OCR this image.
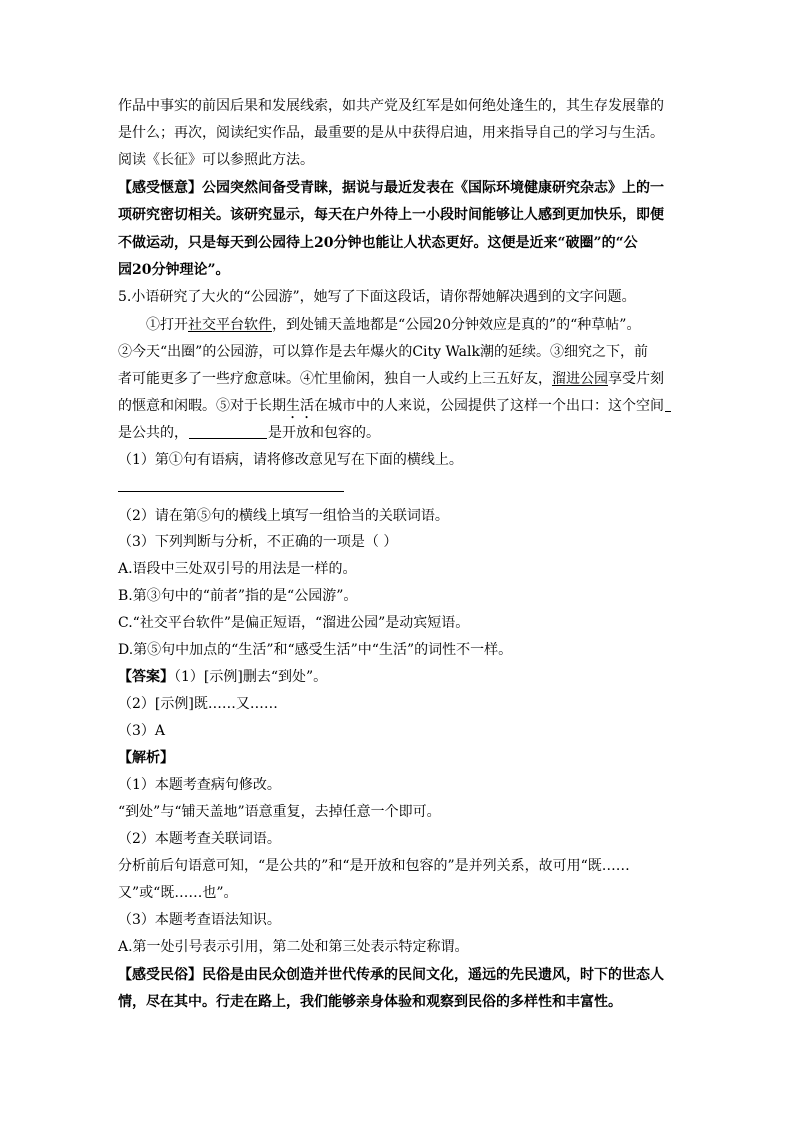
作品中事实的前因后果和发展线索，如共产党及红军是如何绝处逢生的，其生存发展靠的
是什么；再次，阅读纪实作品，最重要的是从中获得启迪，用来指导自己的学习与生活。
阅读《长征》可以参照此方法。
【感受惬意】公园突然间备受青睐，据说与最近发表在《国际环境健康研究杂志》上的一
项研究密切相关。该研究显示，每天在户外待上一小段时间能够让人感到更加快乐，即便
不做运动，只是每天到公园待上20分钟也能让人状态更好。这便是近来“破圈”的“公
园20分钟理论”。
5.小语研究了大火的“公园游”，她写了下面这段话，请你帮她解决遇到的文字问题。
①打开社交平台软件，到处铺天盖地都是“公园20分钟效应是真的”的“种草帖”。
②今天“出圈”的公园游，可以算作是去年爆火的City Walk潮的延续。③细究之下，前
者可能更多了一些疗愈意味。④忙里偷闲，独自一人或约上三五好友，溜进公园享受片刻
的惬意和闲暇。⑤对于长期生活在城市中的人来说，公园提供了这样一个出口：这个空间
是公共的，	是开放和包容的。
（1）第①句有语病，请将修改意见写在下面的横线上。
（2）请在第⑤句的横线上填写一组恰当的关联词语。
（3）下列判断与分析，不正确的一项是（ ）
A.语段中三处双引号的用法是一样的。
B.第③句中的“前者”指的是“公园游”。
C.“社交平台软件”是偏正短语，“溜进公园”是动宾短语。
D.第⑤句中加点的“生活”和“感受生活”中“生活”的词性不一样。
【答案】（1）[示例]删去“到处”。
（2）[示例]既……又……
（3）A
【解析】
（1）本题考查病句修改。
“到处”与“铺天盖地”语意重复，去掉任意一个即可。
（2）本题考查关联词语。
分析前后句语意可知，“是公共的”和“是开放和包容的”是并列关系，故可用“既……
又”或“既……也”。
（3）本题考查语法知识。
A.第一处引号表示引用，第二处和第三处表示特定称谓。
【感受民俗】民俗是由民众创造并世代传承的民间文化，遥远的先民遗风，时下的世态人
情，尽在其中。行走在路上，我们能够亲身体验和观察到民俗的多样性和丰富性。
